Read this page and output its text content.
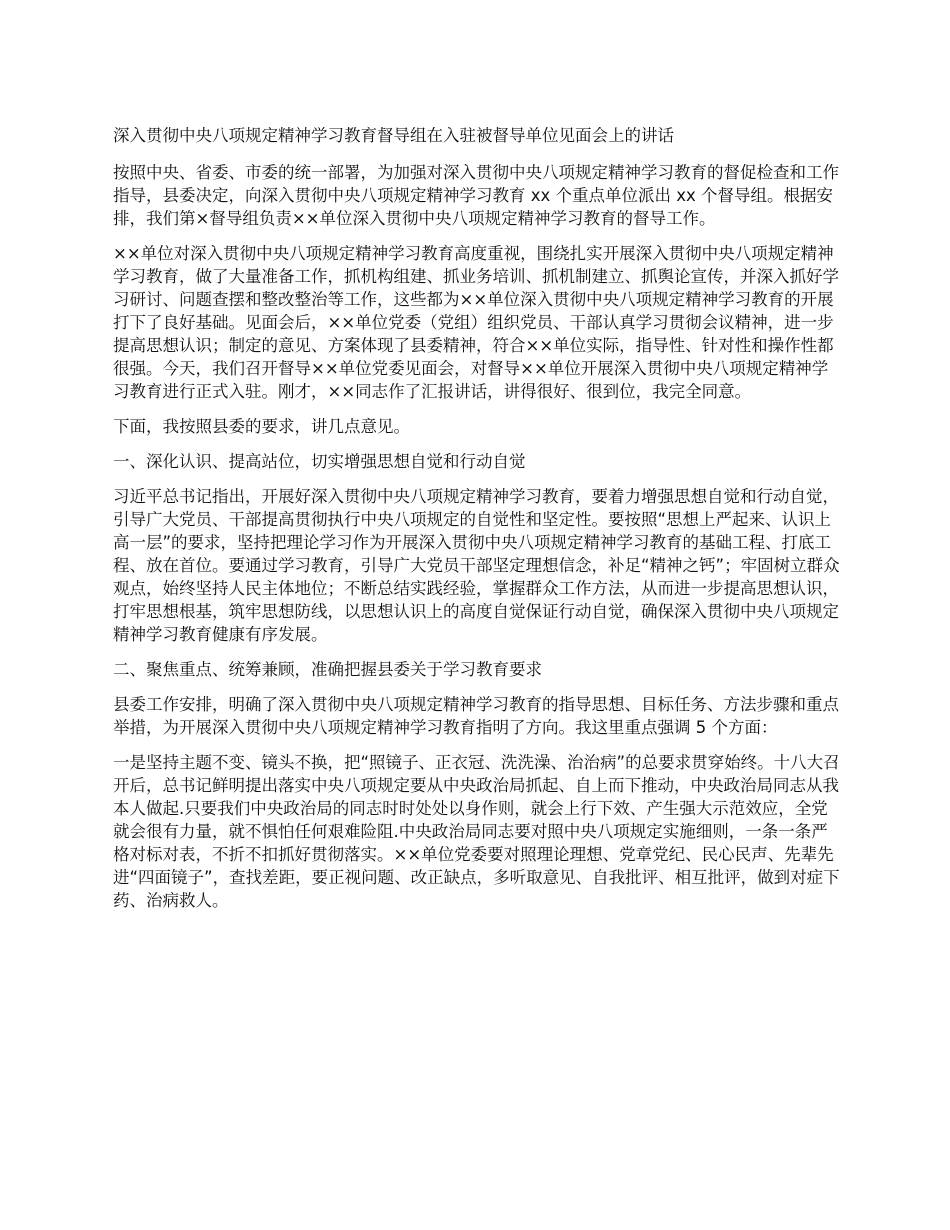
深入贯彻中央八项规定精神学习教育督导组在入驻被督导单位见面会上的讲话

按照中央、省委、市委的统一部署，为加强对深入贯彻中央八项规定精神学习教育的督促检查和工作指导，县委决定，向深入贯彻中央八项规定精神学习教育 xx 个重点单位派出 xx 个督导组。根据安排，我们第×督导组负责××单位深入贯彻中央八项规定精神学习教育的督导工作。

××单位对深入贯彻中央八项规定精神学习教育高度重视，围绕扎实开展深入贯彻中央八项规定精神学习教育，做了大量准备工作，抓机构组建、抓业务培训、抓机制建立、抓舆论宣传，并深入抓好学习研讨、问题查摆和整改整治等工作，这些都为××单位深入贯彻中央八项规定精神学习教育的开展打下了良好基础。见面会后，××单位党委（党组）组织党员、干部认真学习贯彻会议精神，进一步提高思想认识；制定的意见、方案体现了县委精神，符合××单位实际，指导性、针对性和操作性都很强。今天，我们召开督导××单位党委见面会，对督导××单位开展深入贯彻中央八项规定精神学习教育进行正式入驻。刚才，××同志作了汇报讲话，讲得很好、很到位，我完全同意。

下面，我按照县委的要求，讲几点意见。

一、深化认识、提高站位，切实增强思想自觉和行动自觉

习近平总书记指出，开展好深入贯彻中央八项规定精神学习教育，要着力增强思想自觉和行动自觉，引导广大党员、干部提高贯彻执行中央八项规定的自觉性和坚定性。要按照“思想上严起来、认识上高一层”的要求，坚持把理论学习作为开展深入贯彻中央八项规定精神学习教育的基础工程、打底工程、放在首位。要通过学习教育，引导广大党员干部坚定理想信念，补足“精神之钙”；牢固树立群众观点，始终坚持人民主体地位；不断总结实践经验，掌握群众工作方法，从而进一步提高思想认识，打牢思想根基，筑牢思想防线，以思想认识上的高度自觉保证行动自觉，确保深入贯彻中央八项规定精神学习教育健康有序发展。

二、聚焦重点、统筹兼顾，准确把握县委关于学习教育要求

县委工作安排，明确了深入贯彻中央八项规定精神学习教育的指导思想、目标任务、方法步骤和重点举措，为开展深入贯彻中央八项规定精神学习教育指明了方向。我这里重点强调 5 个方面：

一是坚持主题不变、镜头不换，把“照镜子、正衣冠、洗洗澡、治治病”的总要求贯穿始终。十八大召开后，总书记鲜明提出落实中央八项规定要从中央政治局抓起、自上而下推动，中央政治局同志从我本人做起.只要我们中央政治局的同志时时处处以身作则，就会上行下效、产生强大示范效应，全党就会很有力量，就不惧怕任何艰难险阻.中央政治局同志要对照中央八项规定实施细则，一条一条严格对标对表，不折不扣抓好贯彻落实。××单位党委要对照理论理想、党章党纪、民心民声、先辈先进“四面镜子”，查找差距，要正视问题、改正缺点，多听取意见、自我批评、相互批评，做到对症下药、治病救人。
